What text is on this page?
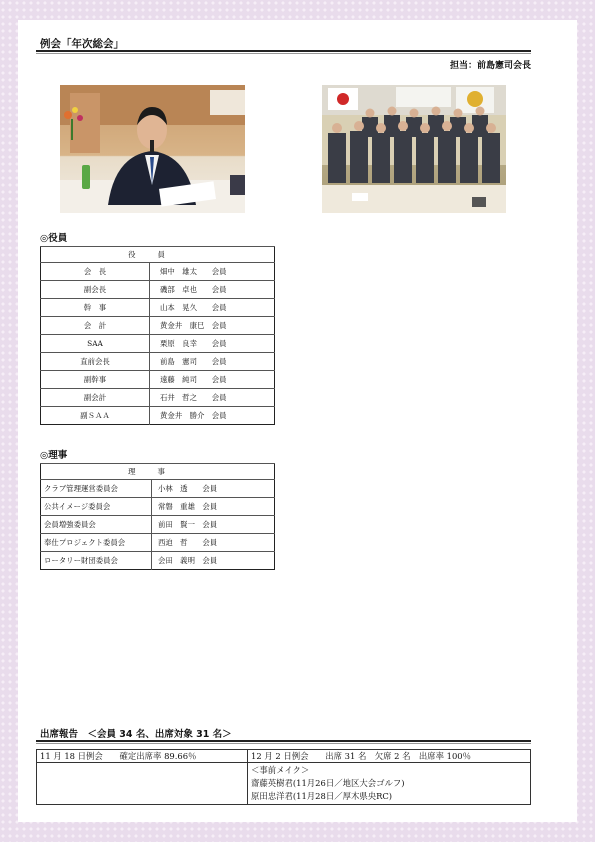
例会「年次総会」
担当：前島憲司会長
◎役員
役員	
会　長	畑中　雄太　　会員
副会長	磯部　卓也　　会員
幹　事	山本　晃久　　会員
会　計	黄金井　康巳　会員
SAA	栗原　良幸　　会員
直前会長	前島　憲司　　会員
副幹事	遠藤　純司　　会員
副会計	石井　哲之　　会員
副ＳＡＡ	黄金井　勝介　会員
◎理事
理事	
クラブ管理運営委員会	小林　透　　会員
公共イメージ委員会	常磐　重雄　会員
会員増強委員会	前田　賢一　会員
奉仕プロジェクト委員会	西迫　哲　　会員
ロータリー財団委員会	会田　義明　会員
出席報告　＜会員 34 名、出席対象 31 名＞
11 月 18 日例会　　確定出席率 89.66％	12 月 2 日例会　　出席 31 名　欠席 2 名　出席率 100％

	＜事前メイク＞
齋藤英樹君(11月26日／地区大会ゴルフ)
原田忠洋君(11月28日／厚木県央RC)
